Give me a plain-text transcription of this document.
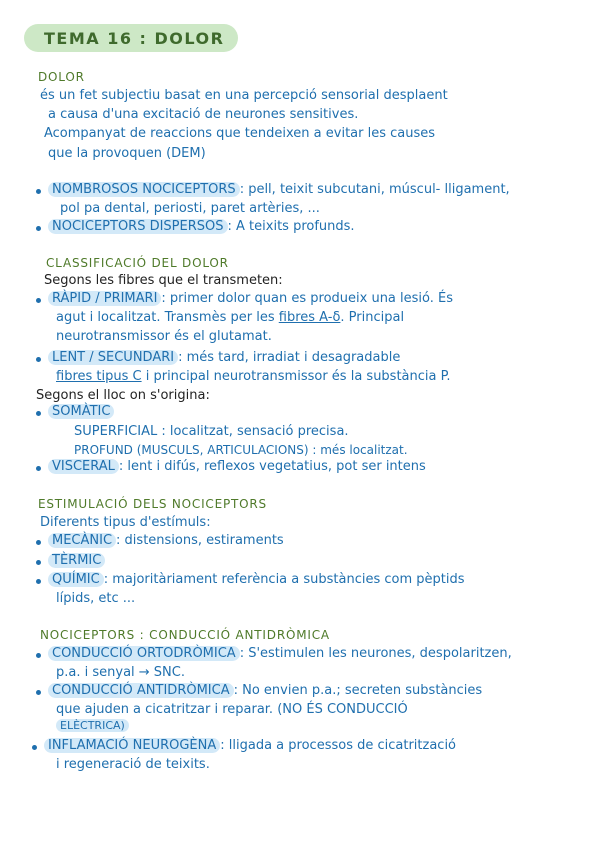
TEMA 16 : DOLOR
DOLOR
és un fet subjectiu basat en una percepció sensorial desplaent
a causa d'una excitació de neurones sensitives.
Acompanyat de reaccions que tendeixen a evitar les causes
que la provoquen (DEM)
NOMBROSOS NOCICEPTORS : pell, teixit subcutani, múscul- lligament,
pol pa dental, periosti, paret artèries, ...
NOCICEPTORS DISPERSOS : A teixits profunds.
CLASSIFICACIÓ DEL DOLOR
Segons les fibres que el transmeten:
RÀPID / PRIMARI : primer dolor quan es produeix una lesió. És
agut i localitzat. Transmès per les fibres A-δ. Principal
neurotransmissor és el glutamat.
LENT / SECUNDARI : més tard, irradiat i desagradable
fibres tipus C i principal neurotransmissor és la substància P.
Segons el lloc on s'origina:
SOMÀTIC
SUPERFICIAL : localitzat, sensació precisa.
PROFUND (MUSCULS, ARTICULACIONS) : més localitzat.
VISCERAL : lent i difús, reflexos vegetatius, pot ser intens
ESTIMULACIÓ DELS NOCICEPTORS
Diferents tipus d'estímuls:
MECÀNIC : distensions, estiraments
TÈRMIC
QUÍMIC : majoritàriament referència a substàncies com pèptids
lípids, etc ...
NOCICEPTORS : CONDUCCIÓ ANTIDRÒMICA
CONDUCCIÓ ORTODRÒMICA : S'estimulen les neurones, despolaritzen,
p.a. i senyal → SNC.
CONDUCCIÓ ANTIDRÒMICA : No envien p.a.; secreten substàncies
que ajuden a cicatritzar i reparar. (NO ÉS CONDUCCIÓ
ELÈCTRICA)
INFLAMACIÓ NEUROGÈNA : lligada a processos de cicatrització
i regeneració de teixits.
